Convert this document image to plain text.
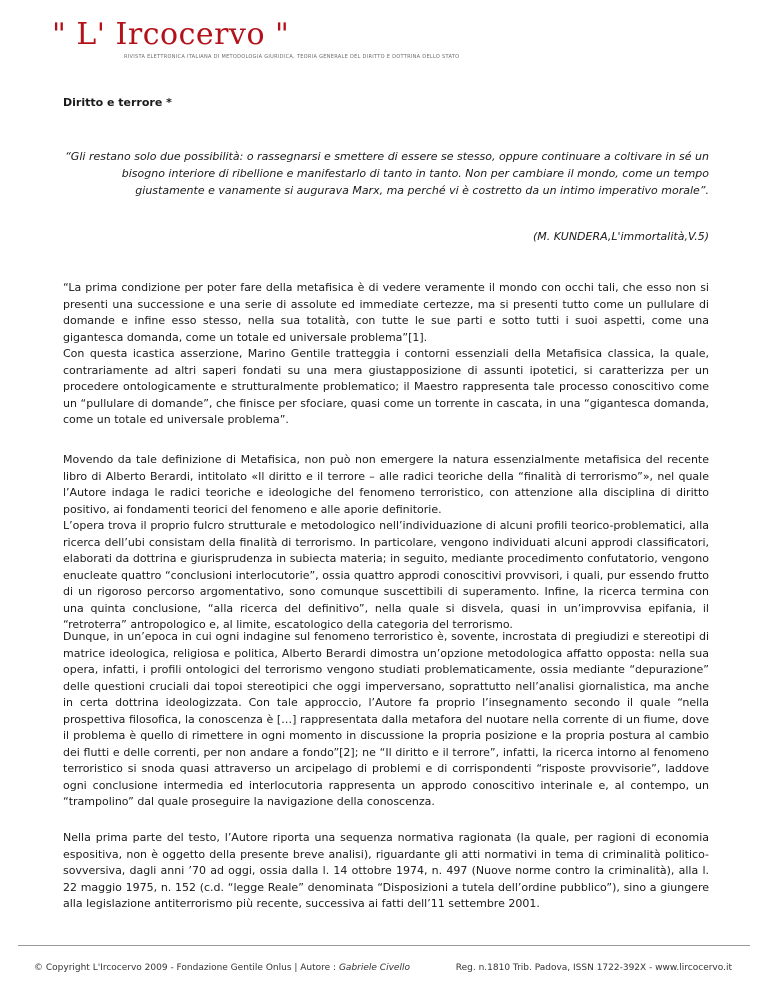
" L' Ircocervo "
RIVISTA ELETTRONICA ITALIANA DI METODOLOGIA GIURIDICA, TEORIA GENERALE DEL DIRITTO E DOTTRINA DELLO STATO
Diritto e terrore *
“Gli restano solo due possibilità: o rassegnarsi e smettere di essere se stesso, oppure continuare a coltivare in sé un bisogno interiore di ribellione e manifestarlo di tanto in tanto. Non per cambiare il mondo, come un tempo giustamente e vanamente si augurava Marx, ma perché vi è costretto da un intimo imperativo morale”.
(M. KUNDERA,L'immortalità,V.5)

“La prima condizione per poter fare della metafisica è di vedere veramente il mondo con occhi tali, che esso non si presenti una successione e una serie di assolute ed immediate certezze, ma si presenti tutto come un pullulare di domande e infine esso stesso, nella sua totalità, con tutte le sue parti e sotto tutti i suoi aspetti, come una gigantesca domanda, come un totale ed universale problema”[1].

Con questa icastica asserzione, Marino Gentile tratteggia i contorni essenziali della Metafisica classica, la quale, contrariamente ad altri saperi fondati su una mera giustapposizione di assunti ipotetici, si caratterizza per un procedere ontologicamente e strutturalmente problematico; il Maestro rappresenta tale processo conoscitivo come un “pullulare di domande”, che finisce per sfociare, quasi come un torrente in cascata, in una “gigantesca domanda, come un totale ed universale problema”.

Movendo da tale definizione di Metafisica, non può non emergere la natura essenzialmente metafisica del recente libro di Alberto Berardi, intitolato «Il diritto e il terrore – alle radici teoriche della “finalità di terrorismo”», nel quale l’Autore indaga le radici teoriche e ideologiche del fenomeno terroristico, con attenzione alla disciplina di diritto positivo, ai fondamenti teorici del fenomeno e alle aporie definitorie.

L’opera trova il proprio fulcro strutturale e metodologico nell’individuazione di alcuni profili teorico-problematici, alla ricerca dell’ubi consistam della finalità di terrorismo. In particolare, vengono individuati alcuni approdi classificatori, elaborati da dottrina e giurisprudenza in subiecta materia; in seguito, mediante procedimento confutatorio, vengono enucleate quattro “conclusioni interlocutorie”, ossia quattro approdi conoscitivi provvisori, i quali, pur essendo frutto di un rigoroso percorso argomentativo, sono comunque suscettibili di superamento. Infine, la ricerca termina con una quinta conclusione, “alla ricerca del definitivo”, nella quale si disvela, quasi in un’improvvisa epifania, il “retroterra” antropologico e, al limite, escatologico della categoria del terrorismo.

Dunque, in un’epoca in cui ogni indagine sul fenomeno terroristico è, sovente, incrostata di pregiudizi e stereotipi di matrice ideologica, religiosa e politica, Alberto Berardi dimostra un’opzione metodologica affatto opposta: nella sua opera, infatti, i profili ontologici del terrorismo vengono studiati problematicamente, ossia mediante “depurazione” delle questioni cruciali dai topoi stereotipici che oggi imperversano, soprattutto nell’analisi giornalistica, ma anche in certa dottrina ideologizzata. Con tale approccio, l’Autore fa proprio l’insegnamento secondo il quale “nella prospettiva filosofica, la conoscenza è […] rappresentata dalla metafora del nuotare nella corrente di un fiume, dove il problema è quello di rimettere in ogni momento in discussione la propria posizione e la propria postura al cambio dei flutti e delle correnti, per non andare a fondo”[2]; ne “Il diritto e il terrore”, infatti, la ricerca intorno al fenomeno terroristico si snoda quasi attraverso un arcipelago di problemi e di corrispondenti “risposte provvisorie”, laddove ogni conclusione intermedia ed interlocutoria rappresenta un approdo conoscitivo interinale e, al contempo, un “trampolino” dal quale proseguire la navigazione della conoscenza.

Nella prima parte del testo, l’Autore riporta una sequenza normativa ragionata (la quale, per ragioni di economia espositiva, non è oggetto della presente breve analisi), riguardante gli atti normativi in tema di criminalità politico-sovversiva, dagli anni ’70 ad oggi, ossia dalla l. 14 ottobre 1974, n. 497 (Nuove norme contro la criminalità), alla l. 22 maggio 1975, n. 152 (c.d. “legge Reale” denominata “Disposizioni a tutela dell’ordine pubblico”), sino a giungere alla legislazione antiterrorismo più recente, successiva ai fatti dell’11 settembre 2001.

© Copyright L'Ircocervo 2009 - Fondazione Gentile Onlus | Autore : Gabriele Civello	Reg. n.1810 Trib. Padova, ISSN 1722-392X - www.lircocervo.it
